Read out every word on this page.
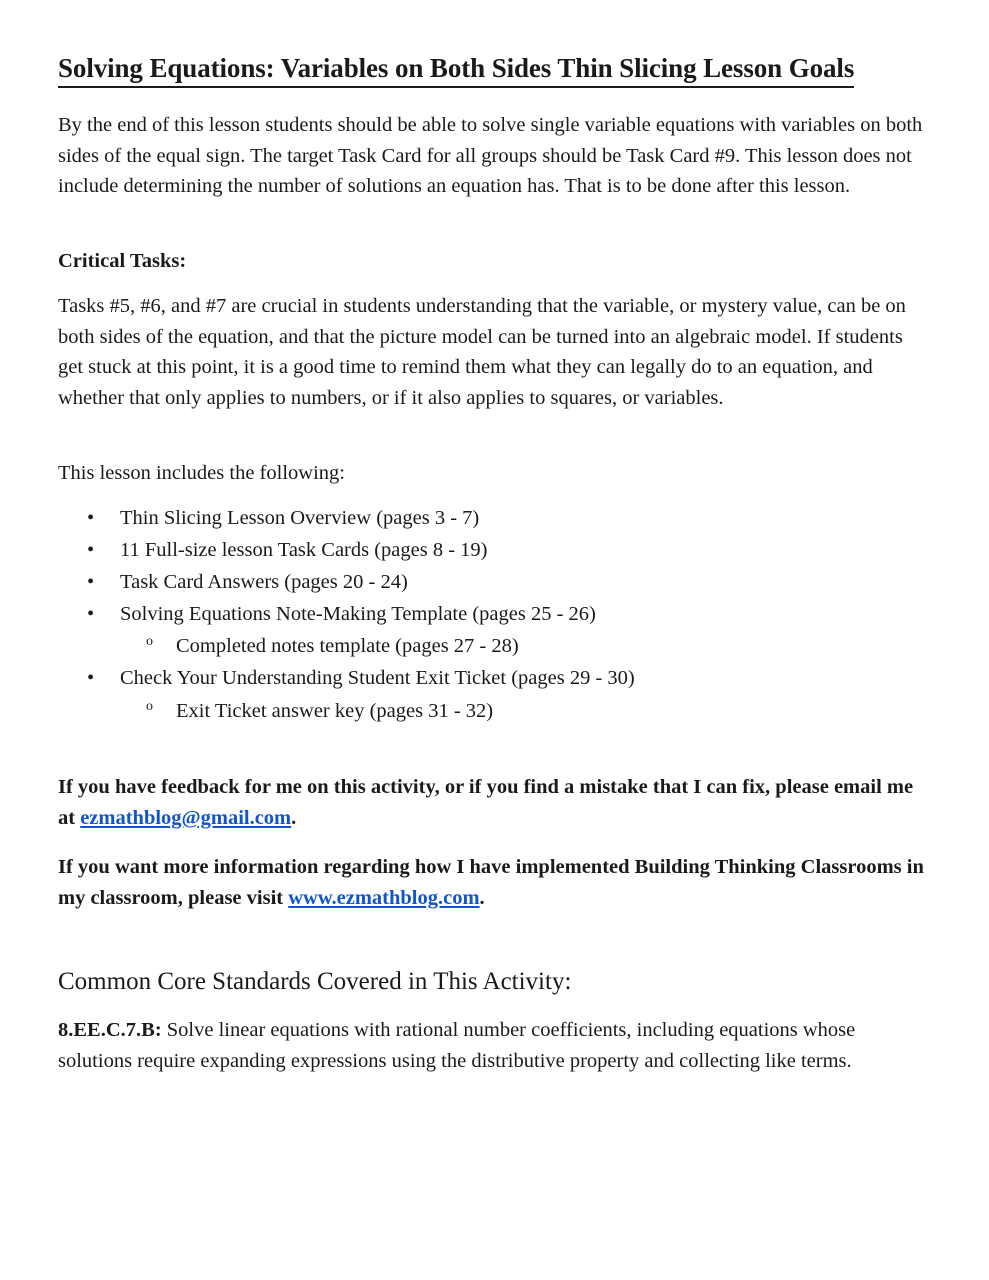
Solving Equations: Variables on Both Sides Thin Slicing Lesson Goals

By the end of this lesson students should be able to solve single variable equations with variables on both sides of the equal sign. The target Task Card for all groups should be Task Card #9. This lesson does not include determining the number of solutions an equation has. That is to be done after this lesson.

Critical Tasks:

Tasks #5, #6, and #7 are crucial in students understanding that the variable, or mystery value, can be on both sides of the equation, and that the picture model can be turned into an algebraic model. If students get stuck at this point, it is a good time to remind them what they can legally do to an equation, and whether that only applies to numbers, or if it also applies to squares, or variables.

This lesson includes the following:

• Thin Slicing Lesson Overview (pages 3 - 7)
• 11 Full-size lesson Task Cards (pages 8 - 19)
• Task Card Answers (pages 20 - 24)
• Solving Equations Note-Making Template (pages 25 - 26)
o Completed notes template (pages 27 - 28)
• Check Your Understanding Student Exit Ticket (pages 29 - 30)
o Exit Ticket answer key (pages 31 - 32)

If you have feedback for me on this activity, or if you find a mistake that I can fix, please email me at ezmathblog@gmail.com.

If you want more information regarding how I have implemented Building Thinking Classrooms in my classroom, please visit www.ezmathblog.com.

Common Core Standards Covered in This Activity:

8.EE.C.7.B: Solve linear equations with rational number coefficients, including equations whose solutions require expanding expressions using the distributive property and collecting like terms.
